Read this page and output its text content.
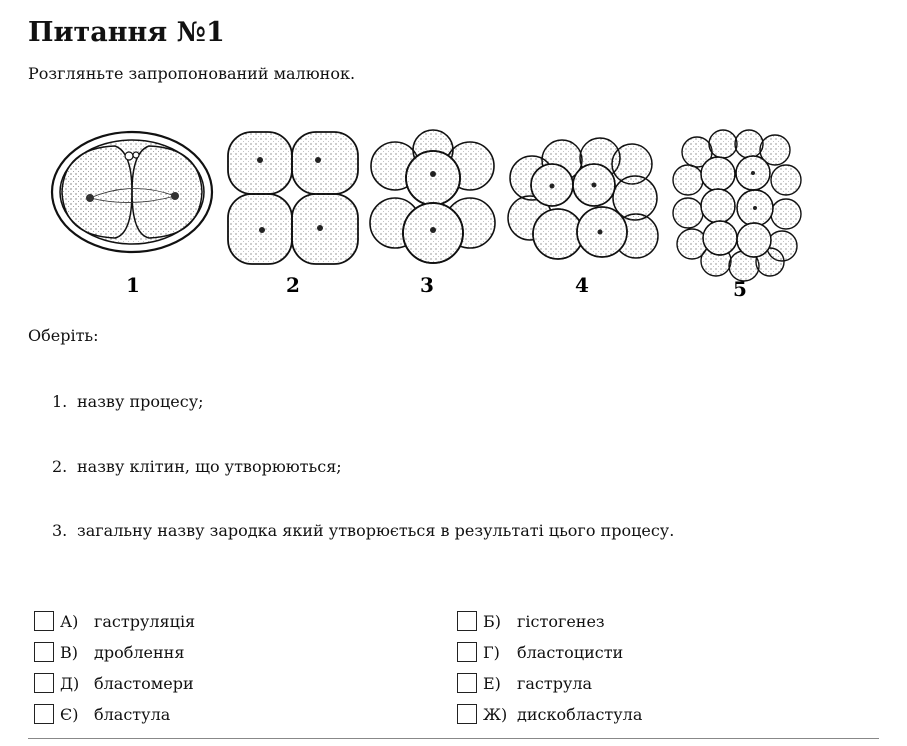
Питання №1
Розгляньте запропонований малюнок.
1	2	3	4	5
Оберіть:
1. назву процесу;
2. назву клітин, що утворюються;
3. загальну назву зародка який утворюється в результаті цього процесу.
А) гаструляція	Б)	гістогенез
В)	дроблення	Г)	бластоцисти
Д) бластомери	Е)	гаструла
Є) бластула	Ж) дискобластула
